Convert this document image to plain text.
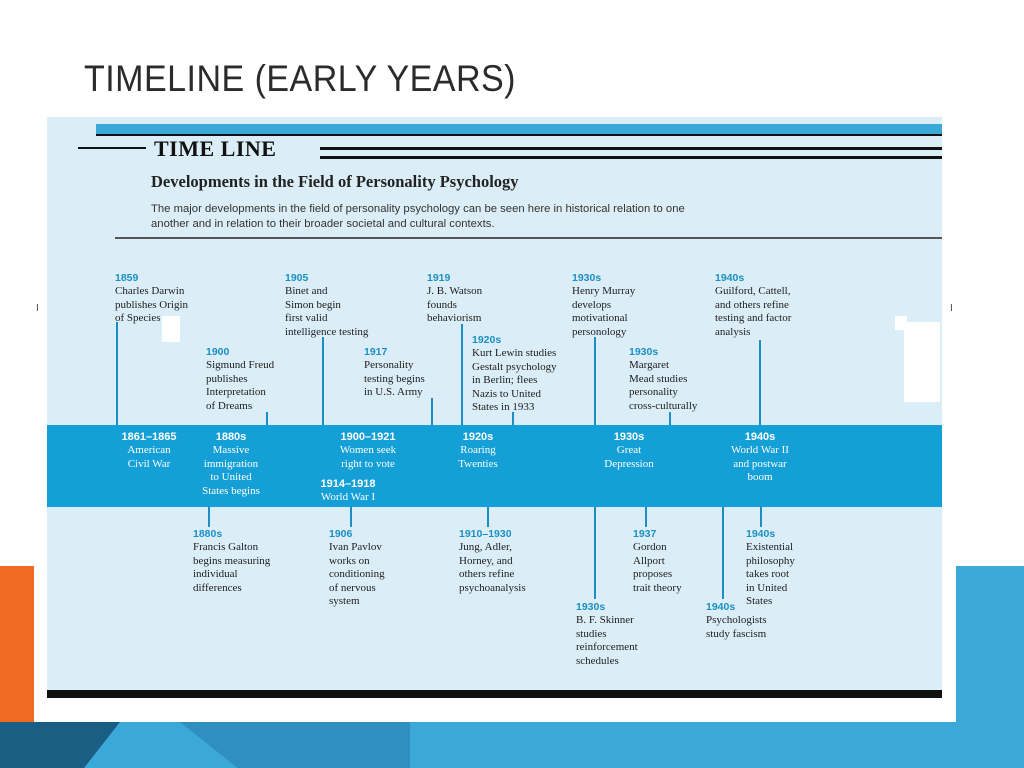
TIMELINE (EARLY YEARS)
TIME LINE
Developments in the Field of Personality Psychology
The major developments in the field of personality psychology can be seen here in historical relation to one another and in relation to their broader societal and cultural contexts.
I	I
1859
Charles Darwin
publishes Origin
of Species
1900
Sigmund Freud
publishes
Interpretation
of Dreams
1905
Binet and
Simon begin
first valid
intelligence testing
1917
Personality
testing begins
in U.S. Army
1919
J. B. Watson
founds
behaviorism
1920s
Kurt Lewin studies
Gestalt psychology
in Berlin; flees
Nazis to United
States in 1933
1930s
Henry Murray
develops
motivational
personology
1930s
Margaret
Mead studies
personality
cross-culturally
1940s
Guilford, Cattell,
and others refine
testing and factor
analysis
1861–1865
American
Civil War
1880s
Massive
immigration
to United
States begins
1900–1921
Women seek
right to vote
1914–1918
World War I
1920s
Roaring
Twenties
1930s
Great
Depression
1940s
World War II
and postwar
boom
1880s
Francis Galton
begins measuring
individual
differences
1906
Ivan Pavlov
works on
conditioning
of nervous
system
1910–1930
Jung, Adler,
Horney, and
others refine
psychoanalysis
1930s
B. F. Skinner
studies
reinforcement
schedules
1937
Gordon
Allport
proposes
trait theory
1940s
Psychologists
study fascism
1940s
Existential
philosophy
takes root
in United
States
